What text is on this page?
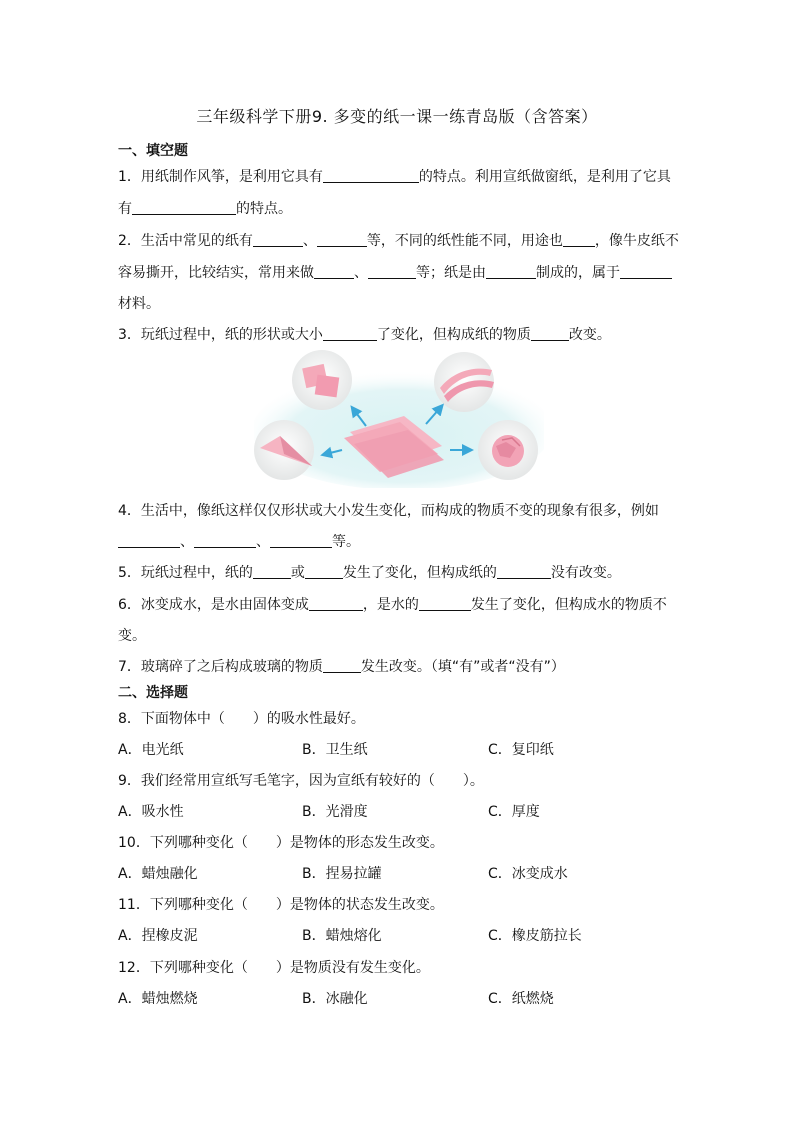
三年级科学下册9. 多变的纸一课一练青岛版（含答案）
一、填空题
1．用纸制作风筝，是利用它具有	的特点。利用宣纸做窗纸，是利用了它具
有	的特点。
2．生活中常见的纸有	、	等，不同的纸性能不同，用途也 ，像牛皮纸不
容易撕开，比较结实，常用来做	、	等；纸是由	制成的，属于
材料。
3．玩纸过程中，纸的形状或大小	了变化，但构成纸的物质	改变。
4．生活中，像纸这样仅仅形状或大小发生变化，而构成的物质不变的现象有很多，例如
、	、	等。
5．玩纸过程中，纸的	或	发生了变化，但构成纸的	没有改变。
6．冰变成水，是水由固体变成	，是水的	发生了变化，但构成水的物质不
变。
7．玻璃碎了之后构成玻璃的物质	发生改变。（填“有”或者“没有”）
二、选择题
8．下面物体中（　　）的吸水性最好。
A．电光纸	B．卫生纸	C．复印纸
9．我们经常用宣纸写毛笔字，因为宣纸有较好的（　　）。
A．吸水性	B．光滑度	C．厚度
10．下列哪种变化（　　）是物体的形态发生改变。
A．蜡烛融化	B．捏易拉罐	C．冰变成水
11．下列哪种变化（　　）是物体的状态发生改变。
A．捏橡皮泥	B．蜡烛熔化	C．橡皮筋拉长
12．下列哪种变化（　　）是物质没有发生变化。
A．蜡烛燃烧	B．冰融化	C．纸燃烧
